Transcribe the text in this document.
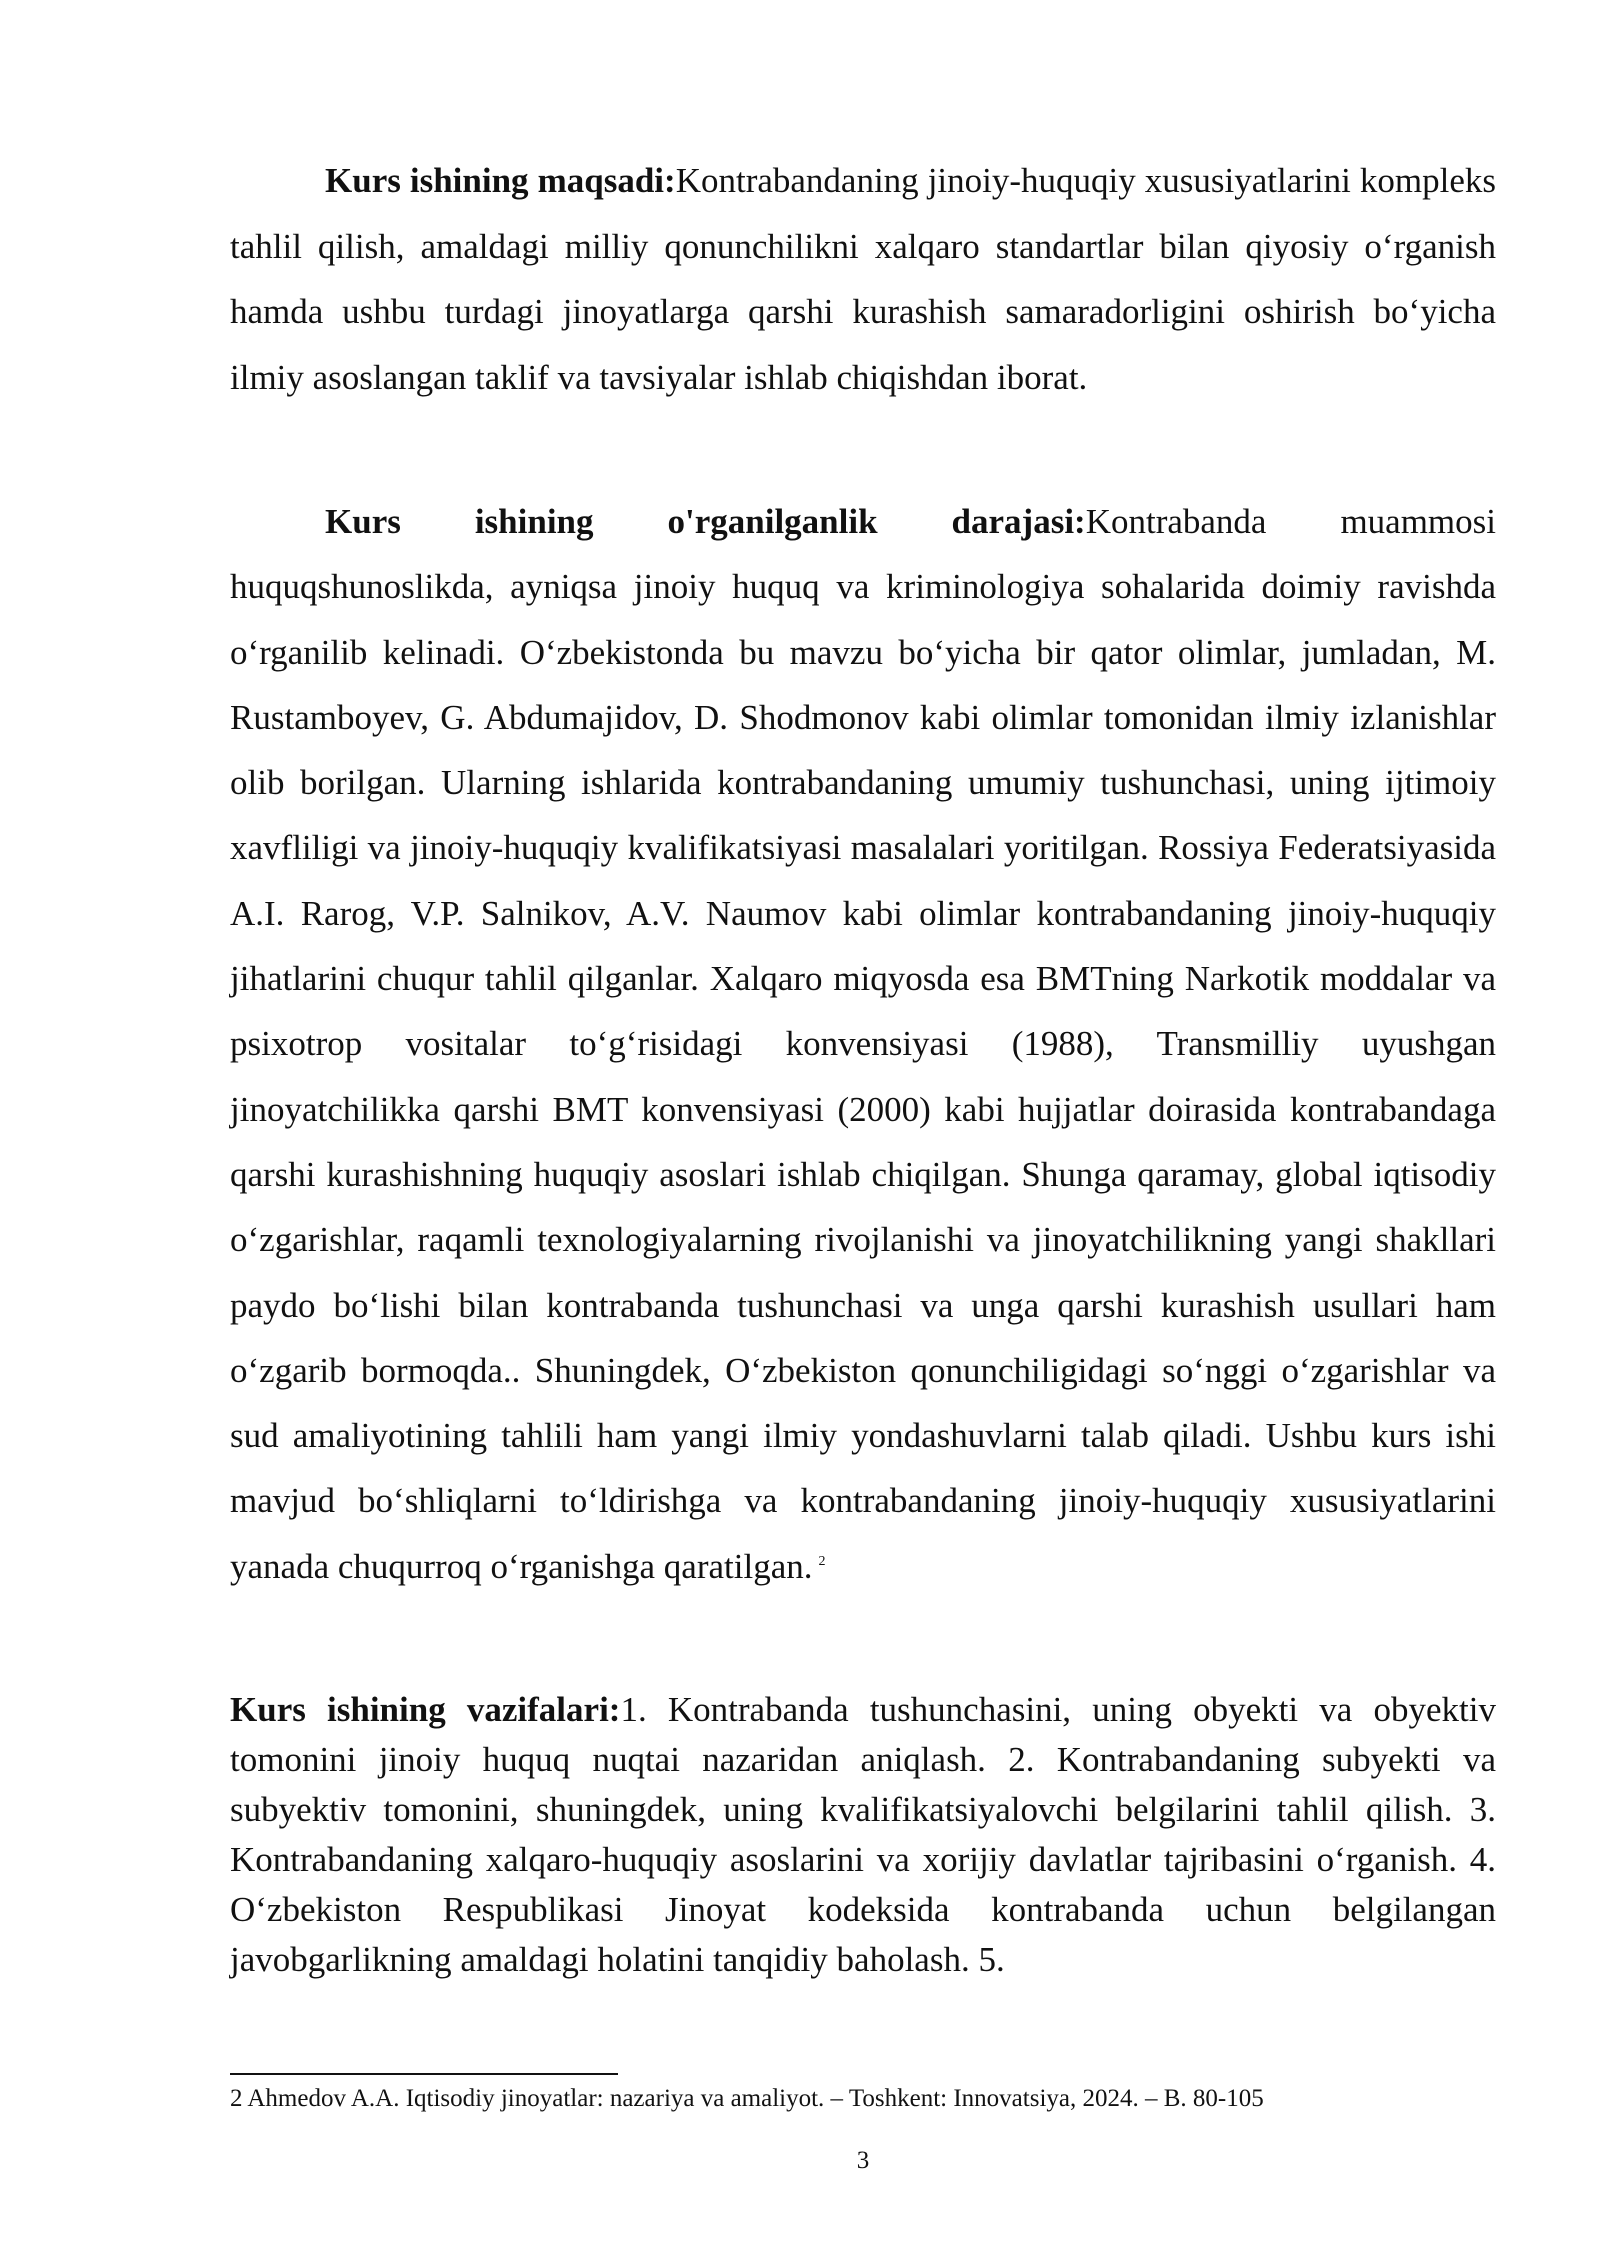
Kurs ishining maqsadi:Kontrabandaning jinoiy-huquqiy xususiyatlarini kompleks tahlil qilish, amaldagi milliy qonunchilikni xalqaro standartlar bilan qiyosiy oʻrganish hamda ushbu turdagi jinoyatlarga qarshi kurashish samaradorligini oshirish boʻyicha ilmiy asoslangan taklif va tavsiyalar ishlab chiqishdan iborat.

Kurs ishining o'rganilganlik darajasi:Kontrabanda muammosi huquqshunoslikda, ayniqsa jinoiy huquq va kriminologiya sohalarida doimiy ravishda oʻrganilib kelinadi. Oʻzbekistonda bu mavzu boʻyicha bir qator olimlar, jumladan, M. Rustamboyev, G. Abdumajidov, D. Shodmonov kabi olimlar tomonidan ilmiy izlanishlar olib borilgan. Ularning ishlarida kontrabandaning umumiy tushunchasi, uning ijtimoiy xavfliligi va jinoiy-huquqiy kvalifikatsiyasi masalalari yoritilgan. Rossiya Federatsiyasida A.I. Rarog, V.P. Salnikov, A.V. Naumov kabi olimlar kontrabandaning jinoiy-huquqiy jihatlarini chuqur tahlil qilganlar. Xalqaro miqyosda esa BMTning Narkotik moddalar va psixotrop vositalar toʻgʻrisidagi konvensiyasi (1988), Transmilliy uyushgan jinoyatchilikka qarshi BMT konvensiyasi (2000) kabi hujjatlar doirasida kontrabandaga qarshi kurashishning huquqiy asoslari ishlab chiqilgan. Shunga qaramay, global iqtisodiy oʻzgarishlar, raqamli texnologiyalarning rivojlanishi va jinoyatchilikning yangi shakllari paydo boʻlishi bilan kontrabanda tushunchasi va unga qarshi kurashish usullari ham oʻzgarib bormoqda.. Shuningdek, Oʻzbekiston qonunchiligidagi soʻnggi oʻzgarishlar va sud amaliyotining tahlili ham yangi ilmiy yondashuvlarni talab qiladi. Ushbu kurs ishi mavjud boʻshliqlarni toʻldirishga va kontrabandaning jinoiy-huquqiy xususiyatlarini yanada chuqurroq oʻrganishga qaratilgan. $^2$

Kurs ishining vazifalari:1. Kontrabanda tushunchasini, uning obyekti va obyektiv tomonini jinoiy huquq nuqtai nazaridan aniqlash. 2. Kontrabandaning subyekti va subyektiv tomonini, shuningdek, uning kvalifikatsiyalovchi belgilarini tahlil qilish. 3. Kontrabandaning xalqaro-huquqiy asoslarini va xorijiy davlatlar tajribasini oʻrganish. 4. Oʻzbekiston Respublikasi Jinoyat kodeksida kontrabanda uchun belgilangan javobgarlikning amaldagi holatini tanqidiy baholash. 5.

2 Ahmedov A.A. Iqtisodiy jinoyatlar: nazariya va amaliyot. – Toshkent: Innovatsiya, 2024. – B. 80-105
3
